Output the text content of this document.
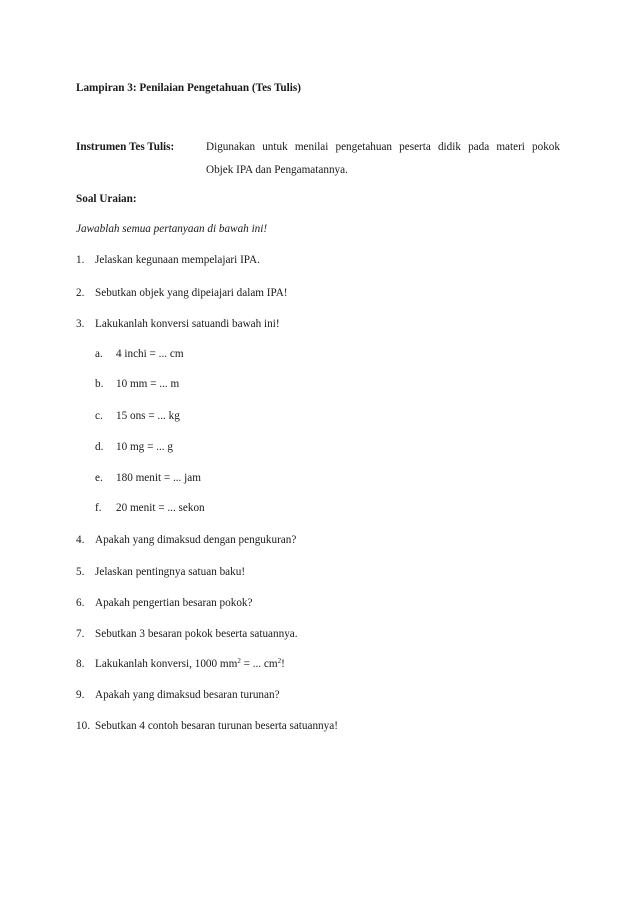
Lampiran 3: Penilaian Pengetahuan (Tes Tulis)
Instrumen Tes Tulis:	Digunakan untuk menilai pengetahuan peserta didik pada materi pokok
Objek IPA dan Pengamatannya.
Soal Uraian:
Jawablah semua pertanyaan di bawah ini!
1. Jelaskan kegunaan mempelajari IPA.
2. Sebutkan objek yang dipeiajari dalam IPA!
3. Lakukanlah konversi satuandi bawah ini!
a. 4 inchi = ... cm
b. 10 mm = ... m
c. 15 ons = ... kg
d. 10 mg = ... g
e. 180 menit = ... jam
f. 20 menit = ... sekon
4. Apakah yang dimaksud dengan pengukuran?
5. Jelaskan pentingnya satuan baku!
6. Apakah pengertian besaran pokok?
7. Sebutkan 3 besaran pokok beserta satuannya.
8. Lakukanlah konversi, 1000 $mm^2$ = ... $cm^2$!
9. Apakah yang dimaksud besaran turunan?
10. Sebutkan 4 contoh besaran turunan beserta satuannya!
